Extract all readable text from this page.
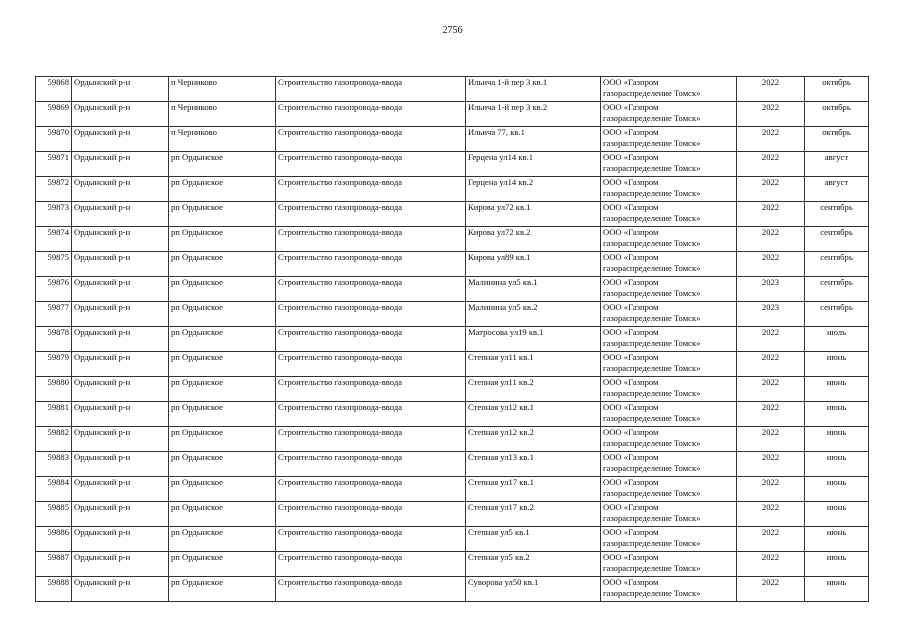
2756
59868	Ордынский р-н	п Черниково	Строительство газопровода-ввода	Ильича 1-й пер 3 кв.1	ООО «Газпром
газораспределение Томск»	2022	октябрь
59869	Ордынский р-н	п Черниково	Строительство газопровода-ввода	Ильича 1-й пер 3 кв.2	ООО «Газпром
газораспределение Томск»	2022	октябрь
59870	Ордынский р-н	п Черниково	Строительство газопровода-ввода	Ильича 77, кв.1	ООО «Газпром
газораспределение Томск»	2022	октябрь
59871	Ордынский р-н	рп Ордынское	Строительство газопровода-ввода	Герцена ул14 кв.1	ООО «Газпром
газораспределение Томск»	2022	август
59872	Ордынский р-н	рп Ордынское	Строительство газопровода-ввода	Герцена ул14 кв.2	ООО «Газпром
газораспределение Томск»	2022	август
59873	Ордынский р-н	рп Ордынское	Строительство газопровода-ввода	Кирова ул72 кв.1	ООО «Газпром
газораспределение Томск»	2022	сентябрь
59874	Ордынский р-н	рп Ордынское	Строительство газопровода-ввода	Кирова ул72 кв.2	ООО «Газпром
газораспределение Томск»	2022	сентябрь
59875	Ордынский р-н	рп Ордынское	Строительство газопровода-ввода	Кирова ул89 кв.1	ООО «Газпром
газораспределение Томск»	2022	сентябрь
59876	Ордынский р-н	рп Ордынское	Строительство газопровода-ввода	Малинина ул5 кв.1	ООО «Газпром
газораспределение Томск»	2023	сентябрь
59877	Ордынский р-н	рп Ордынское	Строительство газопровода-ввода	Малинина ул5 кв.2	ООО «Газпром
газораспределение Томск»	2023	сентябрь
59878	Ордынский р-н	рп Ордынское	Строительство газопровода-ввода	Матросова ул19 кв.1	ООО «Газпром
газораспределение Томск»	2022	июль
59879	Ордынский р-н	рп Ордынское	Строительство газопровода-ввода	Степная ул11 кв.1	ООО «Газпром
газораспределение Томск»	2022	июнь
59880	Ордынский р-н	рп Ордынское	Строительство газопровода-ввода	Степная ул11 кв.2	ООО «Газпром
газораспределение Томск»	2022	июнь
59881	Ордынский р-н	рп Ордынское	Строительство газопровода-ввода	Степная ул12 кв.1	ООО «Газпром
газораспределение Томск»	2022	июнь
59882	Ордынский р-н	рп Ордынское	Строительство газопровода-ввода	Степная ул12 кв.2	ООО «Газпром
газораспределение Томск»	2022	июнь
59883	Ордынский р-н	рп Ордынское	Строительство газопровода-ввода	Степная ул13 кв.1	ООО «Газпром
газораспределение Томск»	2022	июнь
59884	Ордынский р-н	рп Ордынское	Строительство газопровода-ввода	Степная ул17 кв.1	ООО «Газпром
газораспределение Томск»	2022	июнь
59885	Ордынский р-н	рп Ордынское	Строительство газопровода-ввода	Степная ул17 кв.2	ООО «Газпром
газораспределение Томск»	2022	июнь
59886	Ордынский р-н	рп Ордынское	Строительство газопровода-ввода	Степная ул5 кв.1	ООО «Газпром
газораспределение Томск»	2022	июнь
59887	Ордынский р-н	рп Ордынское	Строительство газопровода-ввода	Степная ул5 кв.2	ООО «Газпром
газораспределение Томск»	2022	июнь
59888	Ордынский р-н	рп Ордынское	Строительство газопровода-ввода	Суворова ул50 кв.1	ООО «Газпром
газораспределение Томск»	2022	июнь
